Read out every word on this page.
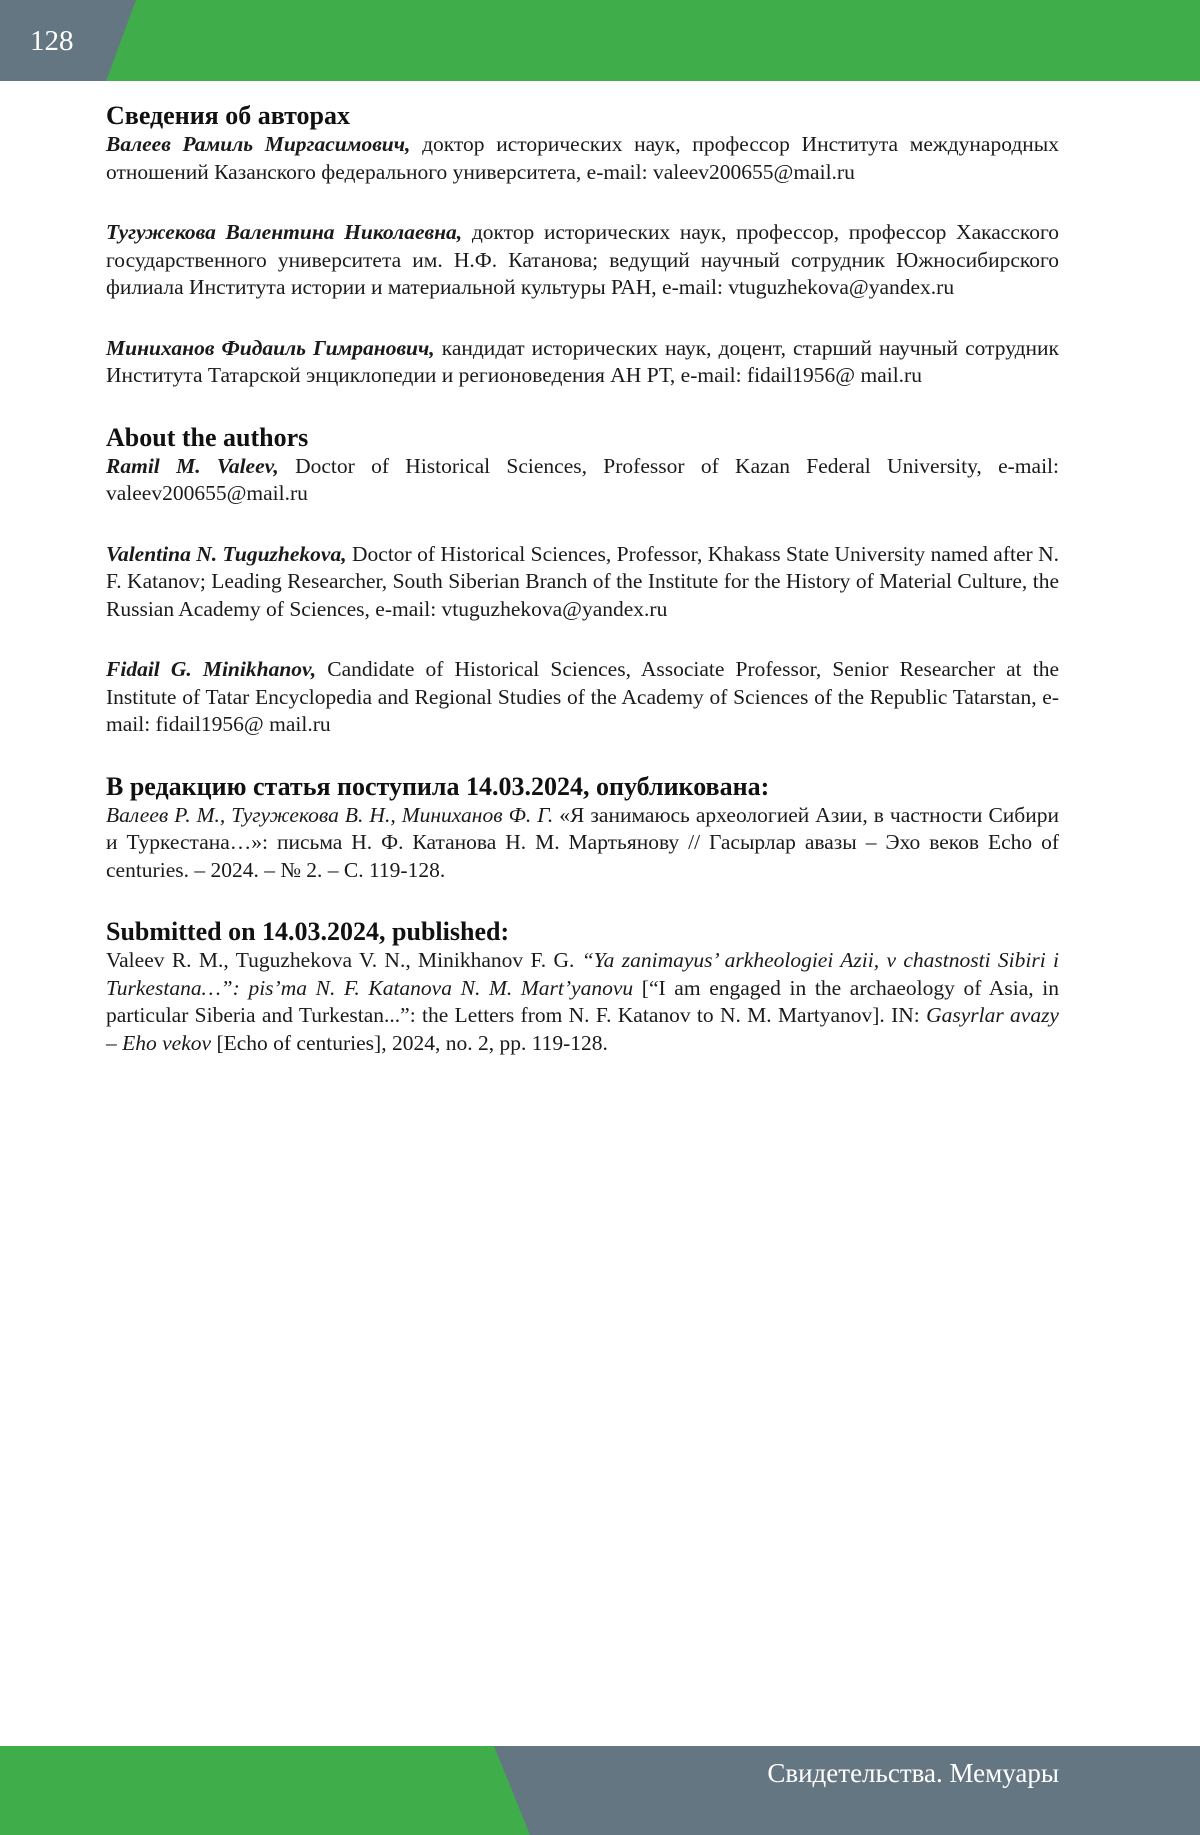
128
Сведения об авторах

Валеев Рамиль Миргасимович, доктор исторических наук, профессор Института международных отношений Казанского федерального университета, e-mail: valeev200655@mail.ru

Тугужекова Валентина Николаевна, доктор исторических наук, профессор, профессор Хакасского государственного университета им. Н.Ф. Катанова; ведущий научный сотрудник Южносибирского филиала Института истории и материальной культуры РАН, e-mail: vtuguzhekova@yandex.ru

Миниханов Фидаиль Гимранович, кандидат исторических наук, доцент, старший научный сотрудник Института Татарской энциклопедии и регионоведения АН РТ, e-mail: fidail1956@ mail.ru

About the authors

Ramil M. Valeev, Doctor of Historical Sciences, Professor of Kazan Federal University, e-mail: valeev200655@mail.ru

Valentina N. Tuguzhekova, Doctor of Historical Sciences, Professor, Khakass State University named after N. F. Katanov; Leading Researcher, South Siberian Branch of the Institute for the History of Material Culture, the Russian Academy of Sciences, e-mail: vtuguzhekova@yandex.ru

Fidail G. Minikhanov, Candidate of Historical Sciences, Associate Professor, Senior Researcher at the Institute of Tatar Encyclopedia and Regional Studies of the Academy of Sciences of the Republic Tatarstan, e-mail: fidail1956@ mail.ru

В редакцию статья поступила 14.03.2024, опубликована:

Валеев Р. М., Тугужекова В. Н., Миниханов Ф. Г. «Я занимаюсь археологией Азии, в частности Сибири и Туркестана…»: письма Н. Ф. Катанова Н. М. Мартьянову // Гасырлар авазы – Эхо веков Echo of centuries. – 2024. – № 2. – С. 119-128.

Submitted on 14.03.2024, published:

Valeev R. M., Tuguzhekova V. N., Minikhanov F. G. “Ya zanimayus’ arkheologiei Azii, v chastnosti Sibiri i Turkestana…”: pis’ma N. F. Katanova N. M. Mart’yanovu [“I am engaged in the archaeology of Asia, in particular Siberia and Turkestan...”: the Letters from N. F. Katanov to N. M. Martyanov]. IN: Gasyrlar avazy – Eho vekov [Echo of centuries], 2024, no. 2, pp. 119-128.

Свидетельства. Мемуары
